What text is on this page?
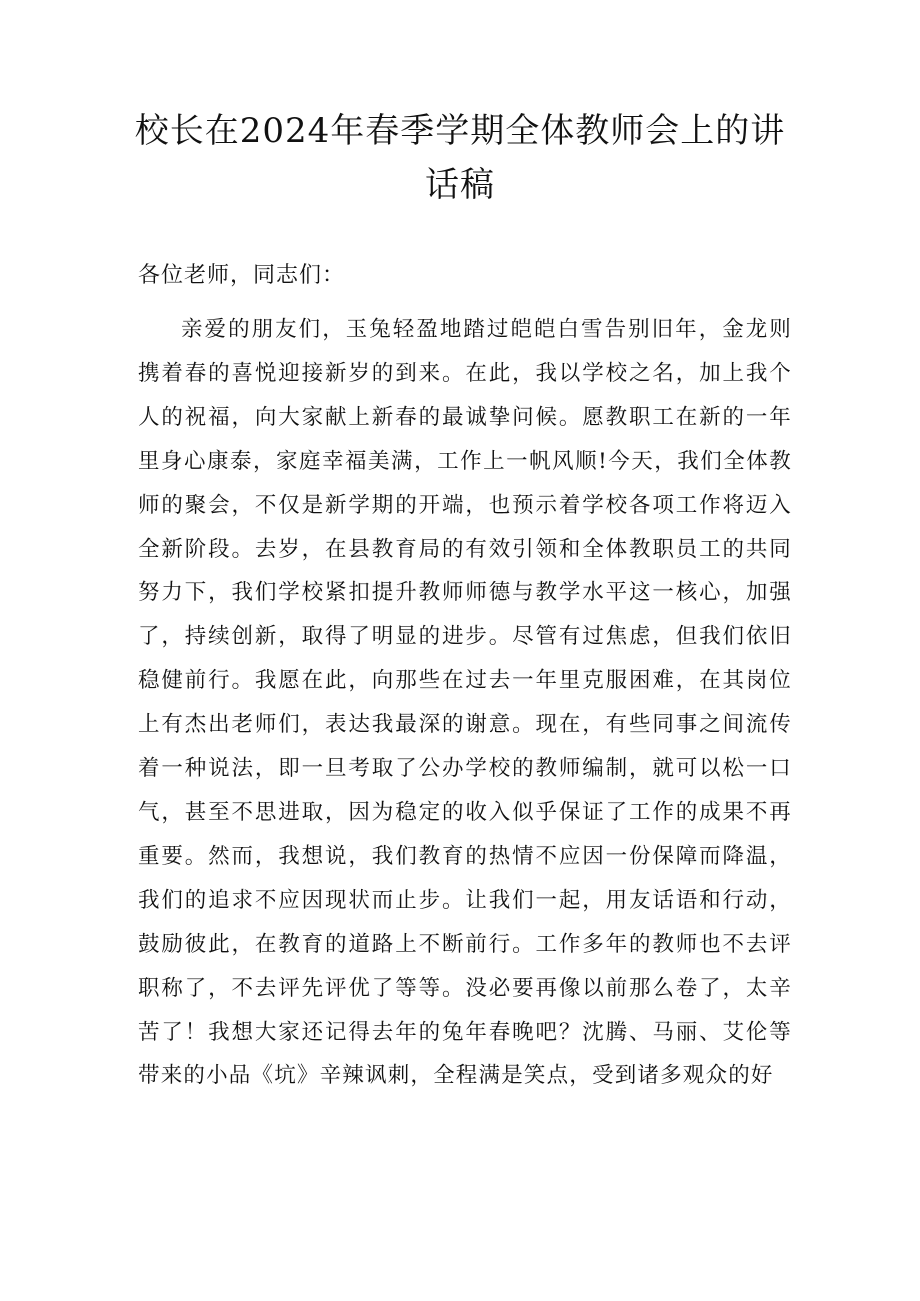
校长在2024年春季学期全体教师会上的讲话稿

各位老师，同志们：

亲爱的朋友们，玉兔轻盈地踏过皑皑白雪告别旧年，金龙则携着春的喜悦迎接新岁的到来。在此，我以学校之名，加上我个人的祝福，向大家献上新春的最诚挚问候。愿教职工在新的一年里身心康泰，家庭幸福美满，工作上一帆风顺!今天，我们全体教师的聚会，不仅是新学期的开端，也预示着学校各项工作将迈入全新阶段。去岁，在县教育局的有效引领和全体教职员工的共同努力下，我们学校紧扣提升教师师德与教学水平这一核心，加强了，持续创新，取得了明显的进步。尽管有过焦虑，但我们依旧稳健前行。我愿在此，向那些在过去一年里克服困难，在其岗位上有杰出老师们，表达我最深的谢意。现在，有些同事之间流传着一种说法，即一旦考取了公办学校的教师编制，就可以松一口气，甚至不思进取，因为稳定的收入似乎保证了工作的成果不再重要。然而，我想说，我们教育的热情不应因一份保障而降温，我们的追求不应因现状而止步。让我们一起，用友话语和行动，鼓励彼此，在教育的道路上不断前行。工作多年的教师也不去评职称了，不去评先评优了等等。没必要再像以前那么卷了，太辛苦了！我想大家还记得去年的兔年春晚吧？沈腾、马丽、艾伦等带来的小品《坑》辛辣讽刺，全程满是笑点，受到诸多观众的好
